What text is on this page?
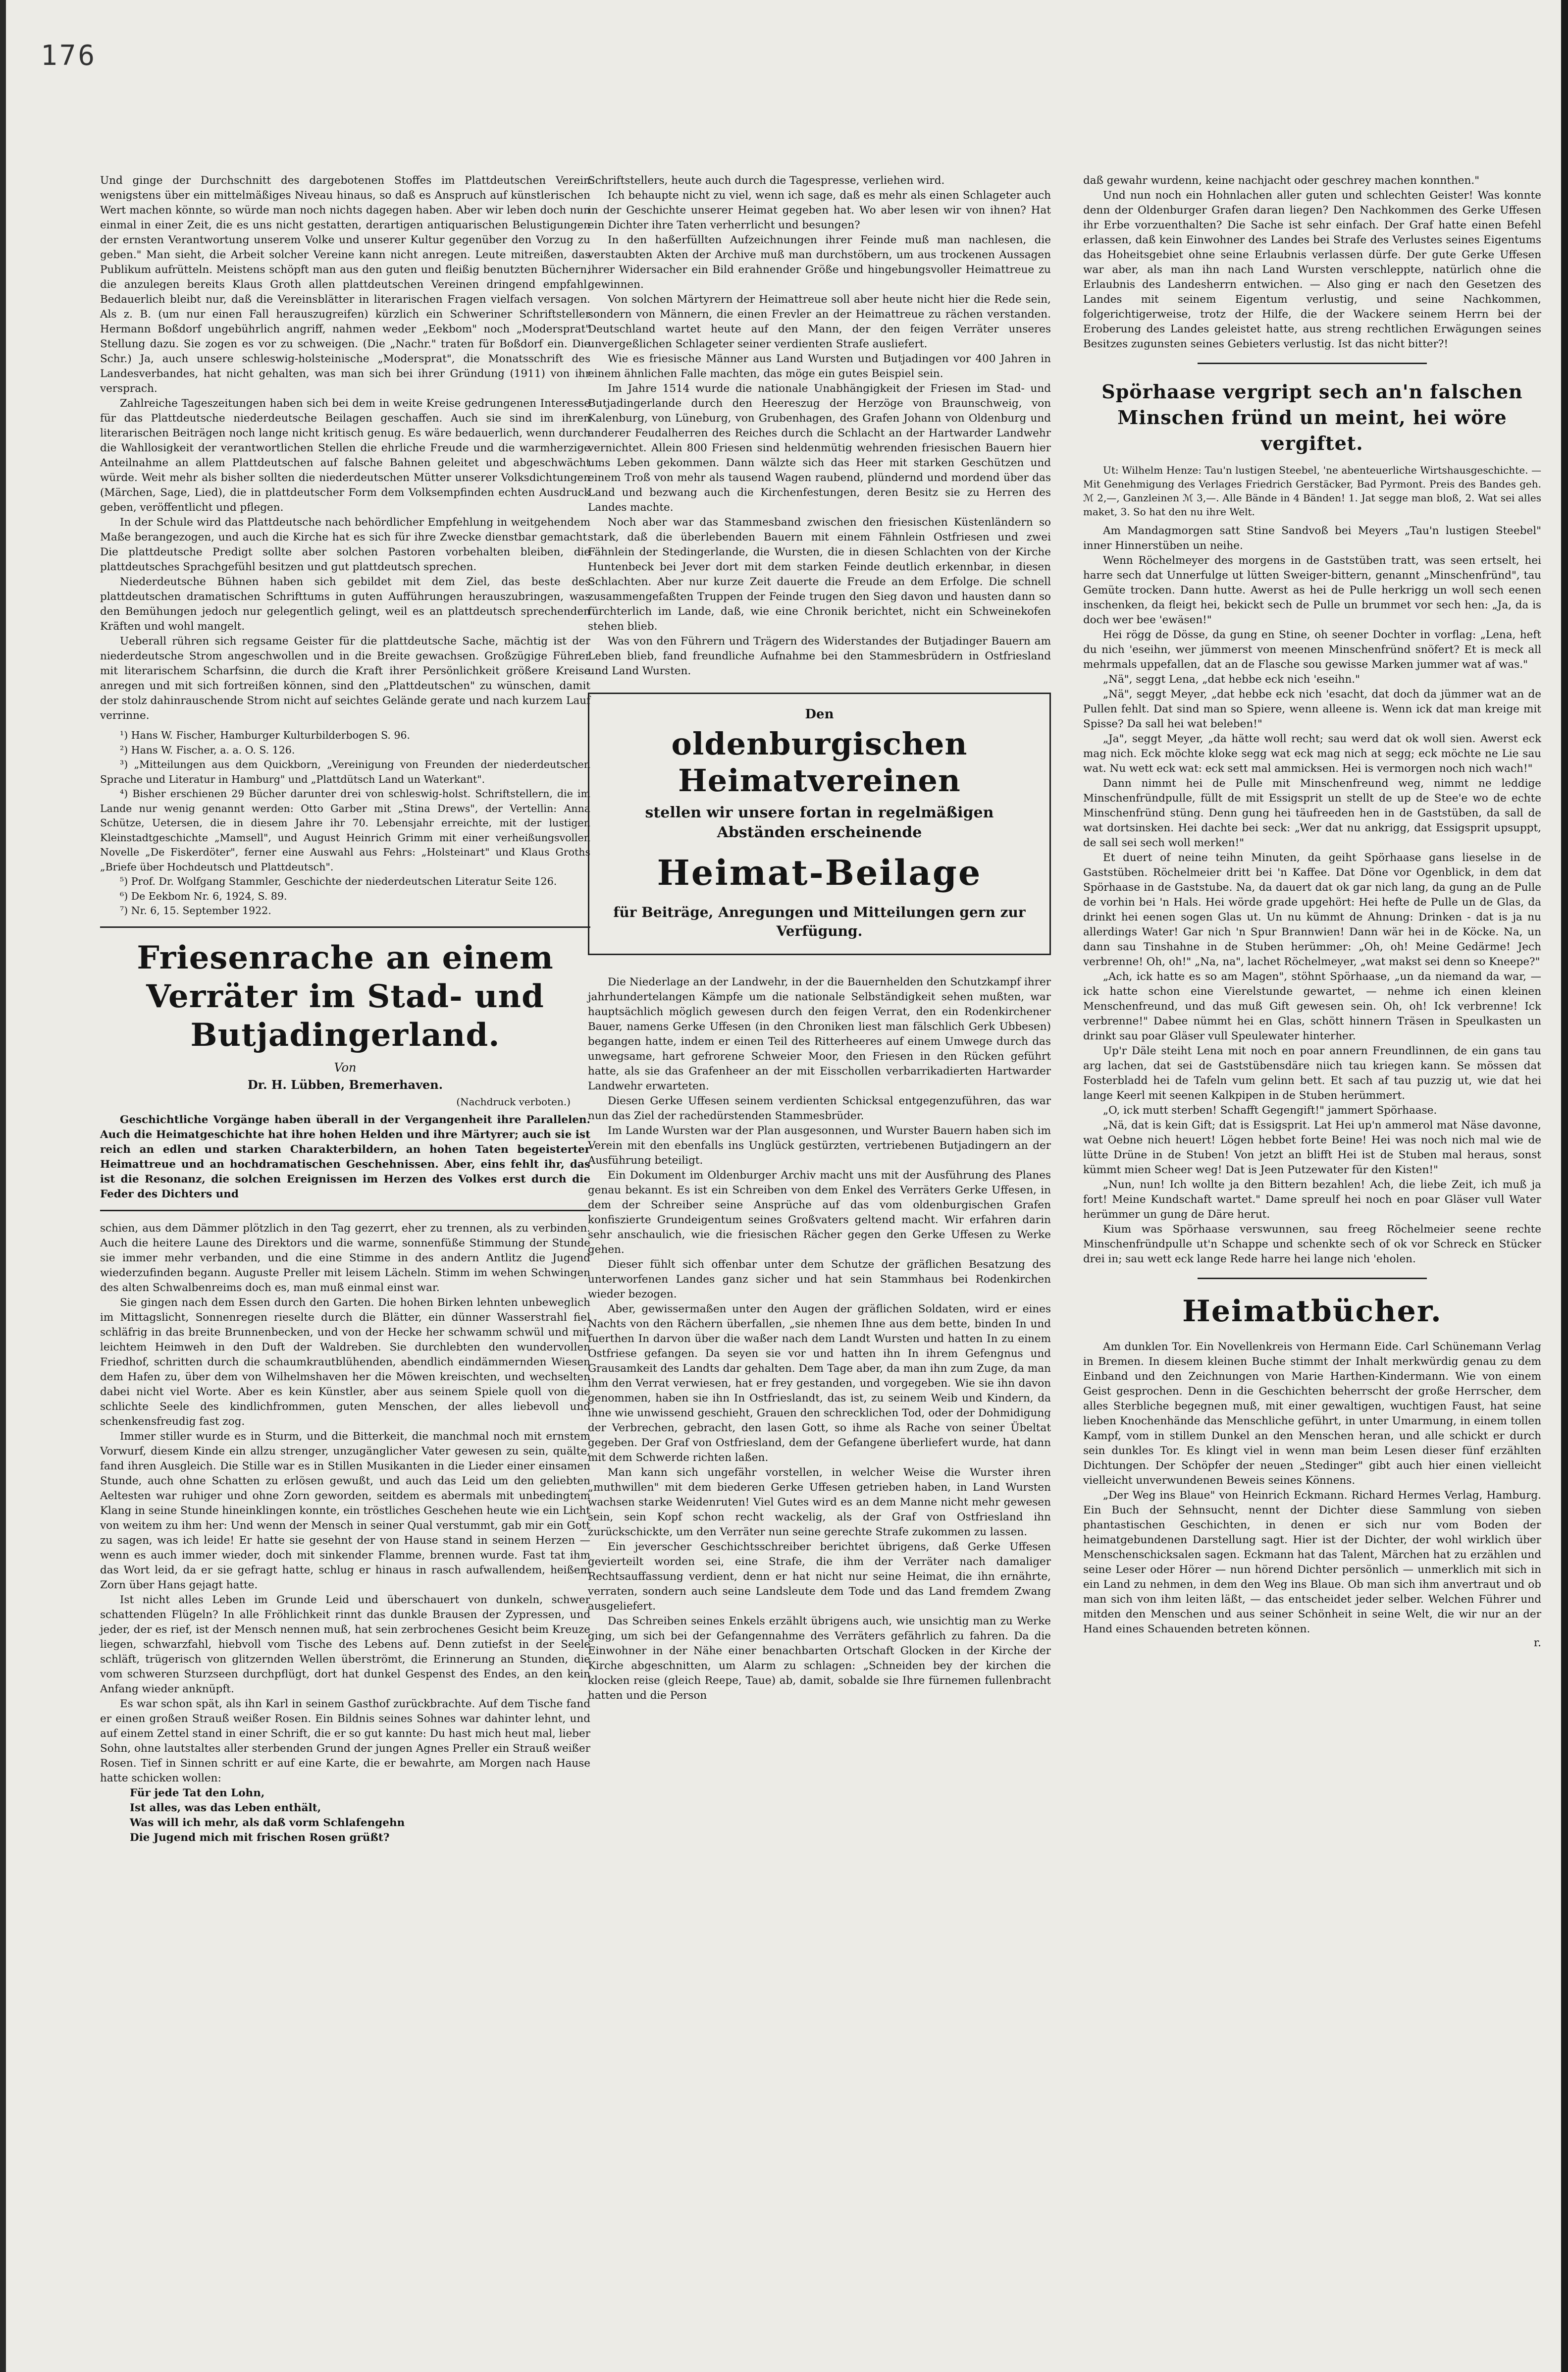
176

Und ginge der Durchschnitt des dargebotenen Stoffes im Plattdeutschen Verein wenigstens über ein mittelmäßiges Niveau hinaus, so daß es Anspruch auf künstlerischen Wert machen könnte, so würde man noch nichts dagegen haben. Aber wir leben doch nun einmal in einer Zeit, die es uns nicht gestatten, derartigen antiquarischen Belustigungen der ernsten Verantwortung unserem Volke und unserer Kultur gegenüber den Vorzug zu geben." Man sieht, die Arbeit solcher Vereine kann nicht anregen. Leute mitreißen, das Publikum aufrütteln. Meistens schöpft man aus den guten und fleißig benutzten Büchern, die anzulegen bereits Klaus Groth allen plattdeutschen Vereinen dringend empfahl. Bedauerlich bleibt nur, daß die Vereinsblätter in literarischen Fragen vielfach versagen. Als z. B. (um nur einen Fall herauszugreifen) kürzlich ein Schweriner Schriftsteller Hermann Boßdorf ungebührlich angriff, nahmen weder „Eekbom" noch „Modersprat" Stellung dazu. Sie zogen es vor zu schweigen. (Die „Nachr." traten für Boßdorf ein. Die Schr.) Ja, auch unsere schleswig-holsteinische „Modersprat", die Monatsschrift des Landesverbandes, hat nicht gehalten, was man sich bei ihrer Gründung (1911) von ihr versprach.

Zahlreiche Tageszeitungen haben sich bei dem in weite Kreise gedrungenen Interesse für das Plattdeutsche niederdeutsche Beilagen geschaffen. Auch sie sind im ihren literarischen Beiträgen noch lange nicht kritisch genug. Es wäre bedauerlich, wenn durch die Wahllosigkeit der verantwortlichen Stellen die ehrliche Freude und die warmherzige Anteilnahme an allem Plattdeutschen auf falsche Bahnen geleitet und abgeschwächt würde. Weit mehr als bisher sollten die niederdeutschen Mütter unserer Volksdichtungen (Märchen, Sage, Lied), die in plattdeutscher Form dem Volksempfinden echten Ausdruck geben, veröffentlicht und pflegen.

In der Schule wird das Plattdeutsche nach behördlicher Empfehlung in weitgehendem Maße berangezogen, und auch die Kirche hat es sich für ihre Zwecke dienstbar gemacht. Die plattdeutsche Predigt sollte aber solchen Pastoren vorbehalten bleiben, die plattdeutsches Sprachgefühl besitzen und gut plattdeutsch sprechen.

Niederdeutsche Bühnen haben sich gebildet mit dem Ziel, das beste des plattdeutschen dramatischen Schrifttums in guten Aufführungen herauszubringen, was den Bemühungen jedoch nur gelegentlich gelingt, weil es an plattdeutsch sprechenden Kräften und wohl mangelt.

Ueberall rühren sich regsame Geister für die plattdeutsche Sache, mächtig ist der niederdeutsche Strom angeschwollen und in die Breite gewachsen. Großzügige Führer mit literarischem Scharfsinn, die durch die Kraft ihrer Persönlichkeit größere Kreise anregen und mit sich fortreißen können, sind den „Plattdeutschen" zu wünschen, damit der stolz dahinrauschende Strom nicht auf seichtes Gelände gerate und nach kurzem Lauf verrinne.

¹) Hans W. Fischer, Hamburger Kulturbilderbogen S. 96.

²) Hans W. Fischer, a. a. O. S. 126.

³) „Mitteilungen aus dem Quickborn, „Vereinigung von Freunden der niederdeutschen Sprache und Literatur in Hamburg" und „Plattdütsch Land un Waterkant".

⁴) Bisher erschienen 29 Bücher darunter drei von schleswig-holst. Schriftstellern, die im Lande nur wenig genannt werden: Otto Garber mit „Stina Drews", der Vertellin: Anna Schütze, Uetersen, die in diesem Jahre ihr 70. Lebensjahr erreichte, mit der lustigen Kleinstadtgeschichte „Mamsell", und August Heinrich Grimm mit einer verheißungsvollen Novelle „De Fiskerdöter", ferner eine Auswahl aus Fehrs: „Holsteinart" und Klaus Groths „Briefe über Hochdeutsch und Plattdeutsch".

⁵) Prof. Dr. Wolfgang Stammler, Geschichte der niederdeutschen Literatur Seite 126.

⁶) De Eekbom Nr. 6, 1924, S. 89.

⁷) Nr. 6, 15. September 1922.

Friesenrache an einem Verräter im Stad- und Butjadingerland.
Von
Dr. H. Lübben, Bremerhaven.
(Nachdruck verboten.)

Geschichtliche Vorgänge haben überall in der Vergangenheit ihre Parallelen. Auch die Heimatgeschichte hat ihre hohen Helden und ihre Märtyrer; auch sie ist reich an edlen und starken Charakterbildern, an hohen Taten begeisterter Heimattreue und an hochdramatischen Geschehnissen. Aber, eins fehlt ihr, das ist die Resonanz, die solchen Ereignissen im Herzen des Volkes erst durch die Feder des Dichters und

schien, aus dem Dämmer plötzlich in den Tag gezerrt, eher zu trennen, als zu verbinden. Auch die heitere Laune des Direktors und die warme, sonnenfüße Stimmung der Stunde sie immer mehr verbanden, und die eine Stimme in des andern Antlitz die Jugend wiederzufinden begann. Auguste Preller mit leisem Lächeln. Stimm im wehen Schwingen des alten Schwalbenreims doch es, man muß einmal einst war.

Sie gingen nach dem Essen durch den Garten. Die hohen Birken lehnten unbeweglich im Mittagslicht, Sonnenregen rieselte durch die Blätter, ein dünner Wasserstrahl fiel schläfrig in das breite Brunnenbecken, und von der Hecke her schwamm schwül und mit leichtem Heimweh in den Duft der Waldreben. Sie durchlebten den wundervollen Friedhof, schritten durch die schaumkrautblühenden, abendlich eindämmernden Wiesen dem Hafen zu, über dem von Wilhelmshaven her die Möwen kreischten, und wechselten dabei nicht viel Worte. Aber es kein Künstler, aber aus seinem Spiele quoll von die schlichte Seele des kindlichfrommen, guten Menschen, der alles liebevoll und schenkensfreudig fast zog.

Immer stiller wurde es in Sturm, und die Bitterkeit, die manchmal noch mit ernstem Vorwurf, diesem Kinde ein allzu strenger, unzugänglicher Vater gewesen zu sein, quälte, fand ihren Ausgleich. Die Stille war es in Stillen Musikanten in die Lieder einer einsamen Stunde, auch ohne Schatten zu erlösen gewußt, und auch das Leid um den geliebten Aeltesten war ruhiger und ohne Zorn geworden, seitdem es abermals mit unbedingtem Klang in seine Stunde hineinklingen konnte, ein tröstliches Geschehen heute wie ein Licht von weitem zu ihm her: Und wenn der Mensch in seiner Qual verstummt, gab mir ein Gott zu sagen, was ich leide! Er hatte sie gesehnt der von Hause stand in seinem Herzen — wenn es auch immer wieder, doch mit sinkender Flamme, brennen wurde. Fast tat ihm das Wort leid, da er sie gefragt hatte, schlug er hinaus in rasch aufwallendem, heißem Zorn über Hans gejagt hatte.

Ist nicht alles Leben im Grunde Leid und überschauert von dunkeln, schwer schattenden Flügeln? In alle Fröhlichkeit rinnt das dunkle Brausen der Zypressen, und jeder, der es rief, ist der Mensch nennen muß, hat sein zerbrochenes Gesicht beim Kreuze liegen, schwarzfahl, hiebvoll vom Tische des Lebens auf. Denn zutiefst in der Seele schläft, trügerisch von glitzernden Wellen überströmt, die Erinnerung an Stunden, die vom schweren Sturzseen durchpflügt, dort hat dunkel Gespenst des Endes, an den kein Anfang wieder anknüpft.

Es war schon spät, als ihn Karl in seinem Gasthof zurückbrachte. Auf dem Tische fand er einen großen Strauß weißer Rosen. Ein Bildnis seines Sohnes war dahinter lehnt, und auf einem Zettel stand in einer Schrift, die er so gut kannte: Du hast mich heut mal, lieber Sohn, ohne lautstaltes aller sterbenden Grund der jungen Agnes Preller ein Strauß weißer Rosen. Tief in Sinnen schritt er auf eine Karte, die er bewahrte, am Morgen nach Hause hatte schicken wollen:

Für jede Tat den Lohn,
Ist alles, was das Leben enthält,
Was will ich mehr, als daß vorm Schlafengehn
Die Jugend mich mit frischen Rosen grüßt?

Schriftstellers, heute auch durch die Tagespresse, verliehen wird.

Ich behaupte nicht zu viel, wenn ich sage, daß es mehr als einen Schlageter auch in der Geschichte unserer Heimat gegeben hat. Wo aber lesen wir von ihnen? Hat ein Dichter ihre Taten verherrlicht und besungen?

In den haßerfüllten Aufzeichnungen ihrer Feinde muß man nachlesen, die verstaubten Akten der Archive muß man durchstöbern, um aus trockenen Aussagen ihrer Widersacher ein Bild erahnender Größe und hingebungsvoller Heimattreue zu gewinnen.

Von solchen Märtyrern der Heimattreue soll aber heute nicht hier die Rede sein, sondern von Männern, die einen Frevler an der Heimattreue zu rächen verstanden. Deutschland wartet heute auf den Mann, der den feigen Verräter unseres unvergeßlichen Schlageter seiner verdienten Strafe ausliefert.

Wie es friesische Männer aus Land Wursten und Butjadingen vor 400 Jahren in einem ähnlichen Falle machten, das möge ein gutes Beispiel sein.

Im Jahre 1514 wurde die nationale Unabhängigkeit der Friesen im Stad- und Butjadingerlande durch den Heereszug der Herzöge von Braunschweig, von Kalenburg, von Lüneburg, von Grubenhagen, des Grafen Johann von Oldenburg und anderer Feudalherren des Reiches durch die Schlacht an der Hartwarder Landwehr vernichtet. Allein 800 Friesen sind heldenmütig wehrenden friesischen Bauern hier ums Leben gekommen. Dann wälzte sich das Heer mit starken Geschützen und einem Troß von mehr als tausend Wagen raubend, plündernd und mordend über das Land und bezwang auch die Kirchenfestungen, deren Besitz sie zu Herren des Landes machte.

Noch aber war das Stammesband zwischen den friesischen Küstenländern so stark, daß die überlebenden Bauern mit einem Fähnlein Ostfriesen und zwei Fähnlein der Stedingerlande, die Wursten, die in diesen Schlachten von der Kirche Huntenbeck bei Jever dort mit dem starken Feinde deutlich erkennbar, in diesen Schlachten. Aber nur kurze Zeit dauerte die Freude an dem Erfolge. Die schnell zusammengefaßten Truppen der Feinde trugen den Sieg davon und hausten dann so fürchterlich im Lande, daß, wie eine Chronik berichtet, nicht ein Schweinekofen stehen blieb.

Was von den Führern und Trägern des Widerstandes der Butjadinger Bauern am Leben blieb, fand freundliche Aufnahme bei den Stammesbrüdern in Ostfriesland und Land Wursten.

Den
oldenburgischen Heimatvereinen
stellen wir unsere fortan in regelmäßigen Abständen erscheinende
Heimat-Beilage
für Beiträge, Anregungen und Mitteilungen gern zur Verfügung.

Die Niederlage an der Landwehr, in der die Bauernhelden den Schutzkampf ihrer jahrhundertelangen Kämpfe um die nationale Selbständigkeit sehen mußten, war hauptsächlich möglich gewesen durch den feigen Verrat, den ein Rodenkirchener Bauer, namens Gerke Uffesen (in den Chroniken liest man fälschlich Gerk Ubbesen) begangen hatte, indem er einen Teil des Ritterheeres auf einem Umwege durch das unwegsame, hart gefrorene Schweier Moor, den Friesen in den Rücken geführt hatte, als sie das Grafenheer an der mit Eisschollen verbarrikadierten Hartwarder Landwehr erwarteten.

Diesen Gerke Uffesen seinem verdienten Schicksal entgegenzuführen, das war nun das Ziel der rachedürstenden Stammesbrüder.

Im Lande Wursten war der Plan ausgesonnen, und Wurster Bauern haben sich im Verein mit den ebenfalls ins Unglück gestürzten, vertriebenen Butjadingern an der Ausführung beteiligt.

Ein Dokument im Oldenburger Archiv macht uns mit der Ausführung des Planes genau bekannt. Es ist ein Schreiben von dem Enkel des Verräters Gerke Uffesen, in dem der Schreiber seine Ansprüche auf das vom oldenburgischen Grafen konfiszierte Grundeigentum seines Großvaters geltend macht. Wir erfahren darin sehr anschaulich, wie die friesischen Rächer gegen den Gerke Uffesen zu Werke gehen.

Dieser fühlt sich offenbar unter dem Schutze der gräflichen Besatzung des unterworfenen Landes ganz sicher und hat sein Stammhaus bei Rodenkirchen wieder bezogen.

Aber, gewissermaßen unter den Augen der gräflichen Soldaten, wird er eines Nachts von den Rächern überfallen, „sie nhemen Ihne aus dem bette, binden In und fuerthen In darvon über die waßer nach dem Landt Wursten und hatten In zu einem Ostfriese gefangen. Da seyen sie vor und hatten ihn In ihrem Gefengnus und Grausamkeit des Landts dar gehalten. Dem Tage aber, da man ihn zum Zuge, da man ihm den Verrat verwiesen, hat er frey gestanden, und vorgegeben. Wie sie ihn davon genommen, haben sie ihn In Ostfrieslandt, das ist, zu seinem Weib und Kindern, da ihne wie unwissend geschieht, Grauen den schrecklichen Tod, oder der Dohmidigung der Verbrechen, gebracht, den lasen Gott, so ihme als Rache von seiner Übeltat gegeben. Der Graf von Ostfriesland, dem der Gefangene überliefert wurde, hat dann mit dem Schwerde richten laßen.

Man kann sich ungefähr vorstellen, in welcher Weise die Wurster ihren „muthwillen" mit dem biederen Gerke Uffesen getrieben haben, in Land Wursten wachsen starke Weidenruten! Viel Gutes wird es an dem Manne nicht mehr gewesen sein, sein Kopf schon recht wackelig, als der Graf von Ostfriesland ihn zurückschickte, um den Verräter nun seine gerechte Strafe zukommen zu lassen.

Ein jeverscher Geschichtsschreiber berichtet übrigens, daß Gerke Uffesen gevierteilt worden sei, eine Strafe, die ihm der Verräter nach damaliger Rechtsauffassung verdient, denn er hat nicht nur seine Heimat, die ihn ernährte, verraten, sondern auch seine Landsleute dem Tode und das Land fremdem Zwang ausgeliefert.

Das Schreiben seines Enkels erzählt übrigens auch, wie unsichtig man zu Werke ging, um sich bei der Gefangennahme des Verräters gefährlich zu fahren. Da die Einwohner in der Nähe einer benachbarten Ortschaft Glocken in der Kirche der Kirche abgeschnitten, um Alarm zu schlagen: „Schneiden bey der kirchen die klocken reise (gleich Reepe, Taue) ab, damit, sobalde sie Ihre fürnemen fullenbracht hatten und die Person

daß gewahr wurdenn, keine nachjacht oder geschrey machen konnthen."

Und nun noch ein Hohnlachen aller guten und schlechten Geister! Was konnte denn der Oldenburger Grafen daran liegen? Den Nachkommen des Gerke Uffesen ihr Erbe vorzuenthalten? Die Sache ist sehr einfach. Der Graf hatte einen Befehl erlassen, daß kein Einwohner des Landes bei Strafe des Verlustes seines Eigentums das Hoheitsgebiet ohne seine Erlaubnis verlassen dürfe. Der gute Gerke Uffesen war aber, als man ihn nach Land Wursten verschleppte, natürlich ohne die Erlaubnis des Landesherrn entwichen. — Also ging er nach den Gesetzen des Landes mit seinem Eigentum verlustig, und seine Nachkommen, folgerichtigerweise, trotz der Hilfe, die der Wackere seinem Herrn bei der Eroberung des Landes geleistet hatte, aus streng rechtlichen Erwägungen seines Besitzes zugunsten seines Gebieters verlustig. Ist das nicht bitter?!

Spörhaase vergript sech an'n falschen Minschen fründ un meint, hei wöre vergiftet.

Ut: Wilhelm Henze: Tau'n lustigen Steebel, 'ne abenteuerliche Wirtshausgeschichte. — Mit Genehmigung des Verlages Friedrich Gerstäcker, Bad Pyrmont. Preis des Bandes geh. ℳ 2,—, Ganzleinen ℳ 3,—. Alle Bände in 4 Bänden! 1. Jat segge man bloß, 2. Wat sei alles maket, 3. So hat den nu ihre Welt.

Am Mandagmorgen satt Stine Sandvoß bei Meyers „Tau'n lustigen Steebel" inner Hinnerstüben un neihe.

Wenn Röchelmeyer des morgens in de Gaststüben tratt, was seen ertselt, hei harre sech dat Unnerfulge ut lütten Sweiger-bittern, genannt „Minschenfründ", tau Gemüte trocken. Dann hutte. Awerst as hei de Pulle herkrigg un woll sech eenen inschenken, da fleigt hei, bekickt sech de Pulle un brummet vor sech hen: „Ja, da is doch wer bee 'ewäsen!"

Hei rögg de Dösse, da gung en Stine, oh seener Dochter in vorflag: „Lena, heft du nich 'eseihn, wer jümmerst von meenen Minschenfründ snöfert? Et is meck all mehrmals uppefallen, dat an de Flasche sou gewisse Marken jummer wat af was."

„Nä", seggt Lena, „dat hebbe eck nich 'eseihn."

„Nä", seggt Meyer, „dat hebbe eck nich 'esacht, dat doch da jümmer wat an de Pullen fehlt. Dat sind man so Spiere, wenn alleene is. Wenn ick dat man kreige mit Spisse? Da sall hei wat beleben!"

„Ja", seggt Meyer, „da hätte woll recht; sau werd dat ok woll sien. Awerst eck mag nich. Eck möchte kloke segg wat eck mag nich at segg; eck möchte ne Lie sau wat. Nu wett eck wat: eck sett mal ammicksen. Hei is vermorgen noch nich wach!"

Dann nimmt hei de Pulle mit Minschenfreund weg, nimmt ne leddige Minschenfründpulle, füllt de mit Essigsprit un stellt de up de Stee'e wo de echte Minschenfründ stüng. Denn gung hei täufreeden hen in de Gaststüben, da sall de wat dortsinsken. Hei dachte bei seck: „Wer dat nu ankrigg, dat Essigsprit upsuppt, de sall sei sech woll merken!"

Et duert of neine teihn Minuten, da geiht Spörhaase gans lieselse in de Gaststüben. Röchelmeier dritt bei 'n Kaffee. Dat Döne vor Ogenblick, in dem dat Spörhaase in de Gaststube. Na, da dauert dat ok gar nich lang, da gung an de Pulle de vorhin bei 'n Hals. Hei wörde grade upgehört: Hei hefte de Pulle un de Glas, da drinkt hei eenen sogen Glas ut. Un nu kümmt de Ahnung: Drinken - dat is ja nu allerdings Water! Gar nich 'n Spur Brannwien! Dann wär hei in de Köcke. Na, un dann sau Tinshahne in de Stuben herümmer: „Oh, oh! Meine Gedärme! Jech verbrenne! Oh, oh!" „Na, na", lachet Röchelmeyer, „wat makst sei denn so Kneepe?"

„Ach, ick hatte es so am Magen", stöhnt Spörhaase, „un da niemand da war, — ick hatte schon eine Vierelstunde gewartet, — nehme ich einen kleinen Menschenfreund, und das muß Gift gewesen sein. Oh, oh! Ick verbrenne! Ick verbrenne!" Dabee nümmt hei en Glas, schött hinnern Träsen in Speulkasten un drinkt sau poar Gläser vull Speulewater hinterher.

Up'r Däle steiht Lena mit noch en poar annern Freundlinnen, de ein gans tau arg lachen, dat sei de Gaststübensdäre niich tau kriegen kann. Se mössen dat Fosterbladd hei de Tafeln vum gelinn bett. Et sach af tau puzzig ut, wie dat hei lange Keerl mit seenen Kalkpipen in de Stuben herümmert.

„O, ick mutt sterben! Schafft Gegengift!" jammert Spörhaase.

„Nä, dat is kein Gift; dat is Essigsprit. Lat Hei up'n ammerol mat Näse davonne, wat Oebne nich heuert! Lögen hebbet forte Beine! Hei was noch nich mal wie de lütte Drüne in de Stuben! Von jetzt an blifft Hei ist de Stuben mal heraus, sonst kümmt mien Scheer weg! Dat is Jeen Putzewater für den Kisten!"

„Nun, nun! Ich wollte ja den Bittern bezahlen! Ach, die liebe Zeit, ich muß ja fort! Meine Kundschaft wartet." Dame spreulf hei noch en poar Gläser vull Water herümmer un gung de Däre herut.

Kium was Spörhaase verswunnen, sau freeg Röchelmeier seene rechte Minschenfründpulle ut'n Schappe und schenkte sech of ok vor Schreck en Stücker drei in; sau wett eck lange Rede harre hei lange nich 'eholen.

Heimatbücher.

Am dunklen Tor. Ein Novellenkreis von Hermann Eide. Carl Schünemann Verlag in Bremen. In diesem kleinen Buche stimmt der Inhalt merkwürdig genau zu dem Einband und den Zeichnungen von Marie Harthen-Kindermann. Wie von einem Geist gesprochen. Denn in die Geschichten beherrscht der große Herrscher, dem alles Sterbliche begegnen muß, mit einer gewaltigen, wuchtigen Faust, hat seine lieben Knochenhände das Menschliche geführt, in unter Umarmung, in einem tollen Kampf, vom in stillem Dunkel an den Menschen heran, und alle schickt er durch sein dunkles Tor. Es klingt viel in wenn man beim Lesen dieser fünf erzählten Dichtungen. Der Schöpfer der neuen „Stedinger" gibt auch hier einen vielleicht vielleicht unverwundenen Beweis seines Könnens.

„Der Weg ins Blaue" von Heinrich Eckmann. Richard Hermes Verlag, Hamburg. Ein Buch der Sehnsucht, nennt der Dichter diese Sammlung von sieben phantastischen Geschichten, in denen er sich nur vom Boden der heimatgebundenen Darstellung sagt. Hier ist der Dichter, der wohl wirklich über Menschenschicksalen sagen. Eckmann hat das Talent, Märchen hat zu erzählen und seine Leser oder Hörer — nun hörend Dichter persönlich — unmerklich mit sich in ein Land zu nehmen, in dem den Weg ins Blaue. Ob man sich ihm anvertraut und ob man sich von ihm leiten läßt, — das entscheidet jeder selber. Welchen Führer und mitden den Menschen und aus seiner Schönheit in seine Welt, die wir nur an der Hand eines Schauenden betreten können.

r.
